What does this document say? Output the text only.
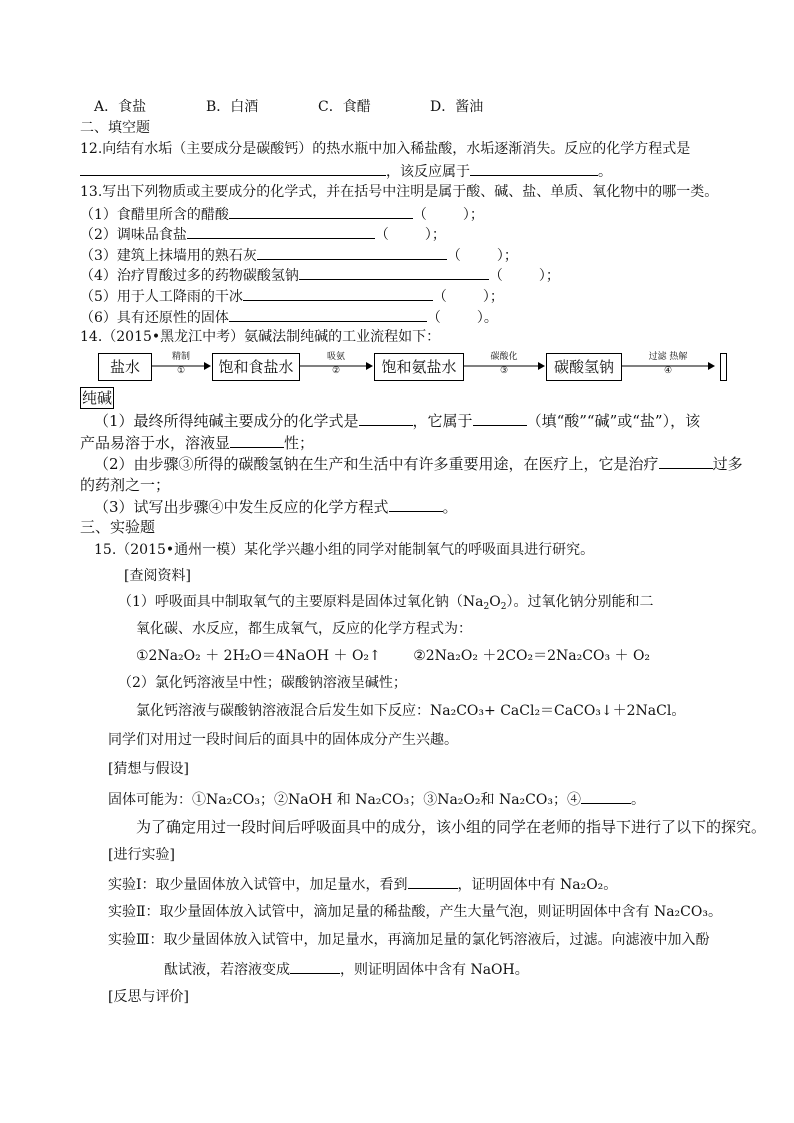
A．食盐	B．白酒	C．食醋	D．酱油
二、填空题
12.向结有水垢（主要成分是碳酸钙）的热水瓶中加入稀盐酸，水垢逐渐消失。反应的化学方程式是
，该反应属于	。
13.写出下列物质或主要成分的化学式，并在括号中注明是属于酸、碱、盐、单质、氧化物中的哪一类。
（1）食醋里所含的醋酸	（	）；
（2）调味品食盐	（	）；
（3）建筑上抹墙用的熟石灰	（	）；
（4）治疗胃酸过多的药物碳酸氢钠	（	）；
（5）用于人工降雨的干冰	（	）；
（6）具有还原性的固体	（	）。
14.（2015•黑龙江中考）氨碱法制纯碱的工业流程如下：
盐水
精制
①	饱和食盐水
吸氨
②	饱和氨盐水
碳酸化
③	碳酸氢钠
过滤 热解
④
纯碱
（1）最终所得纯碱主要成分的化学式是	，它属于	（填“酸”“碱”或“盐”），该
产品易溶于水，溶液显	性；
（2）由步骤③所得的碳酸氢钠在生产和生活中有许多重要用途，在医疗上，它是治疗	过多
的药剂之一；
（3）试写出步骤④中发生反应的化学方程式	。
三、实验题
15.（2015•通州一模）某化学兴趣小组的同学对能制氧气的呼吸面具进行研究。
[查阅资料]
（1）呼吸面具中制取氧气的主要原料是固体过氧化钠$(Na_2O_2)$。过氧化钠分别能和二
氧化碳、水反应，都生成氧气，反应的化学方程式为：
①2Na₂O₂ ＋ 2H₂O＝4NaOH ＋ O₂↑　　 ②2Na₂O₂ ＋2CO₂＝2Na₂CO₃ ＋ O₂
（2）氯化钙溶液呈中性；碳酸钠溶液呈碱性；
氯化钙溶液与碳酸钠溶液混合后发生如下反应：Na₂CO₃+ CaCl₂＝CaCO₃↓＋2NaCl。
同学们对用过一段时间后的面具中的固体成分产生兴趣。
[猜想与假设]
固体可能为：①Na₂CO₃；②NaOH 和 Na₂CO₃；③Na₂O₂和 Na₂CO₃；④	。
为了确定用过一段时间后呼吸面具中的成分，该小组的同学在老师的指导下进行了以下的探究。
[进行实验]
实验Ⅰ：取少量固体放入试管中，加足量水，看到	，证明固体中有 Na₂O₂。
实验Ⅱ：取少量固体放入试管中，滴加足量的稀盐酸，产生大量气泡，则证明固体中含有 Na₂CO₃。
实验Ⅲ：取少量固体放入试管中，加足量水，再滴加足量的氯化钙溶液后，过滤。向滤液中加入酚
酞试液，若溶液变成	，则证明固体中含有 NaOH。
[反思与评价]
